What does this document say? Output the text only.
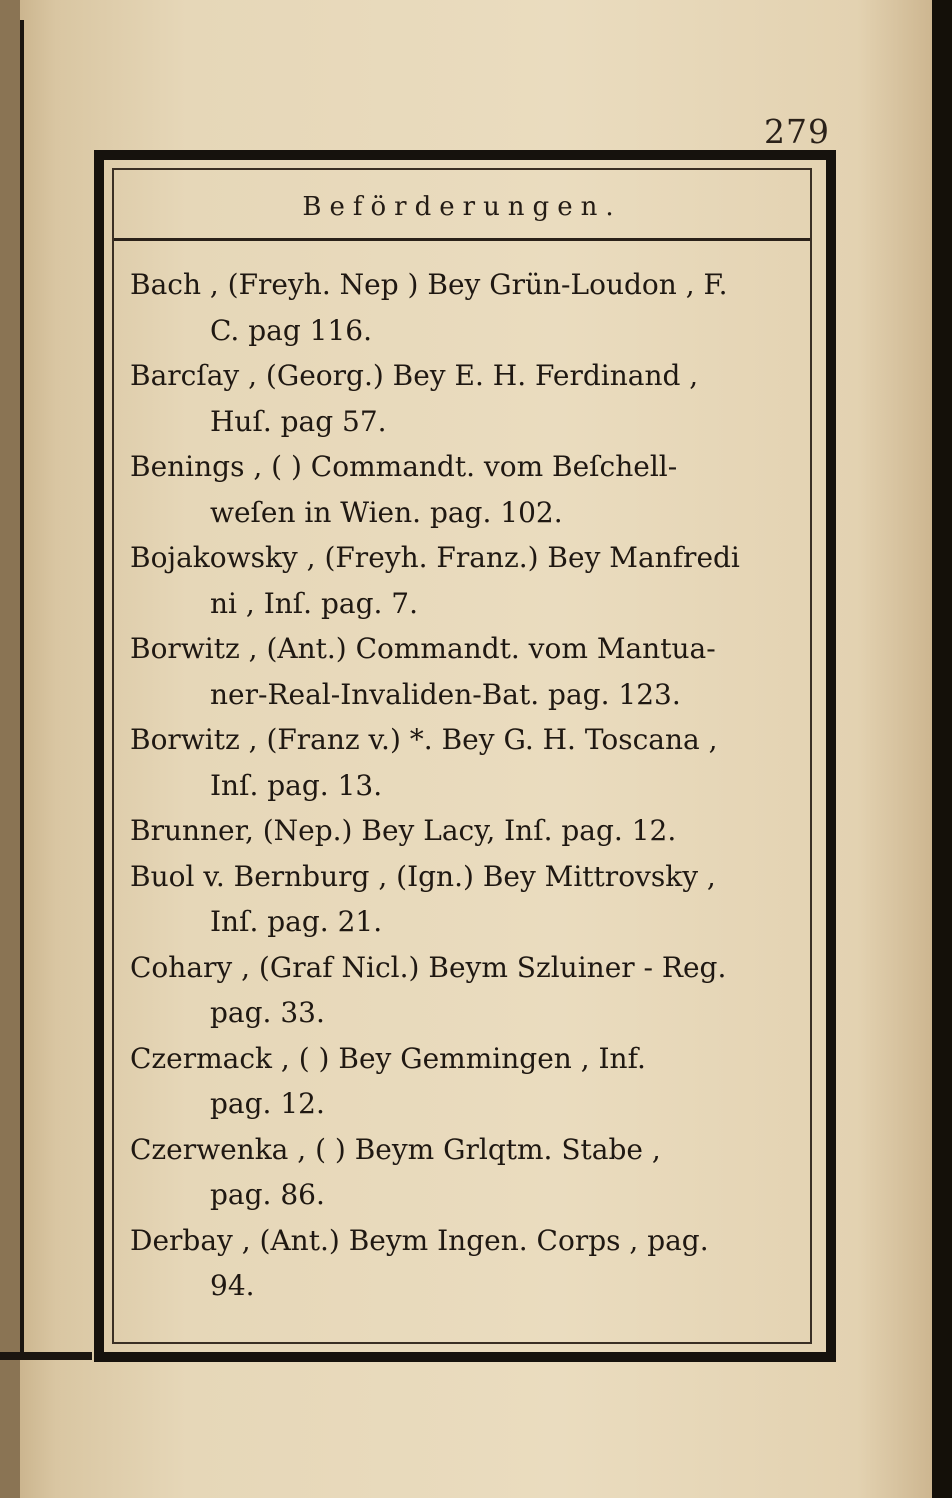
279
Beförderungen.
Bach , (Freyh. Nep ) Bey Grün-Loudon , F.
C. pag 116.
Barcſay , (Georg.) Bey E. H. Ferdinand ,
Huſ. pag 57.
Benings , ( ) Commandt. vom Beſchell-
weſen in Wien. pag. 102.
Bojakowsky , (Freyh. Franz.) Bey Manfredi
ni , Inſ. pag. 7.
Borwitz , (Ant.) Commandt. vom Mantua-
ner-Real-Invaliden-Bat. pag. 123.
Borwitz , (Franz v.) *. Bey G. H. Toscana ,
Inſ. pag. 13.
Brunner, (Nep.) Bey Lacy, Inſ. pag. 12.
Buol v. Bernburg , (Ign.) Bey Mittrovsky ,
Inſ. pag. 21.
Cohary , (Graf Nicl.) Beym Szluiner - Reg.
pag. 33.
Czermack , ( ) Bey Gemmingen , Inf.
pag. 12.
Czerwenka , ( ) Beym Grlqtm. Stabe ,
pag. 86.
Derbay , (Ant.) Beym Ingen. Corps , pag.
94.
